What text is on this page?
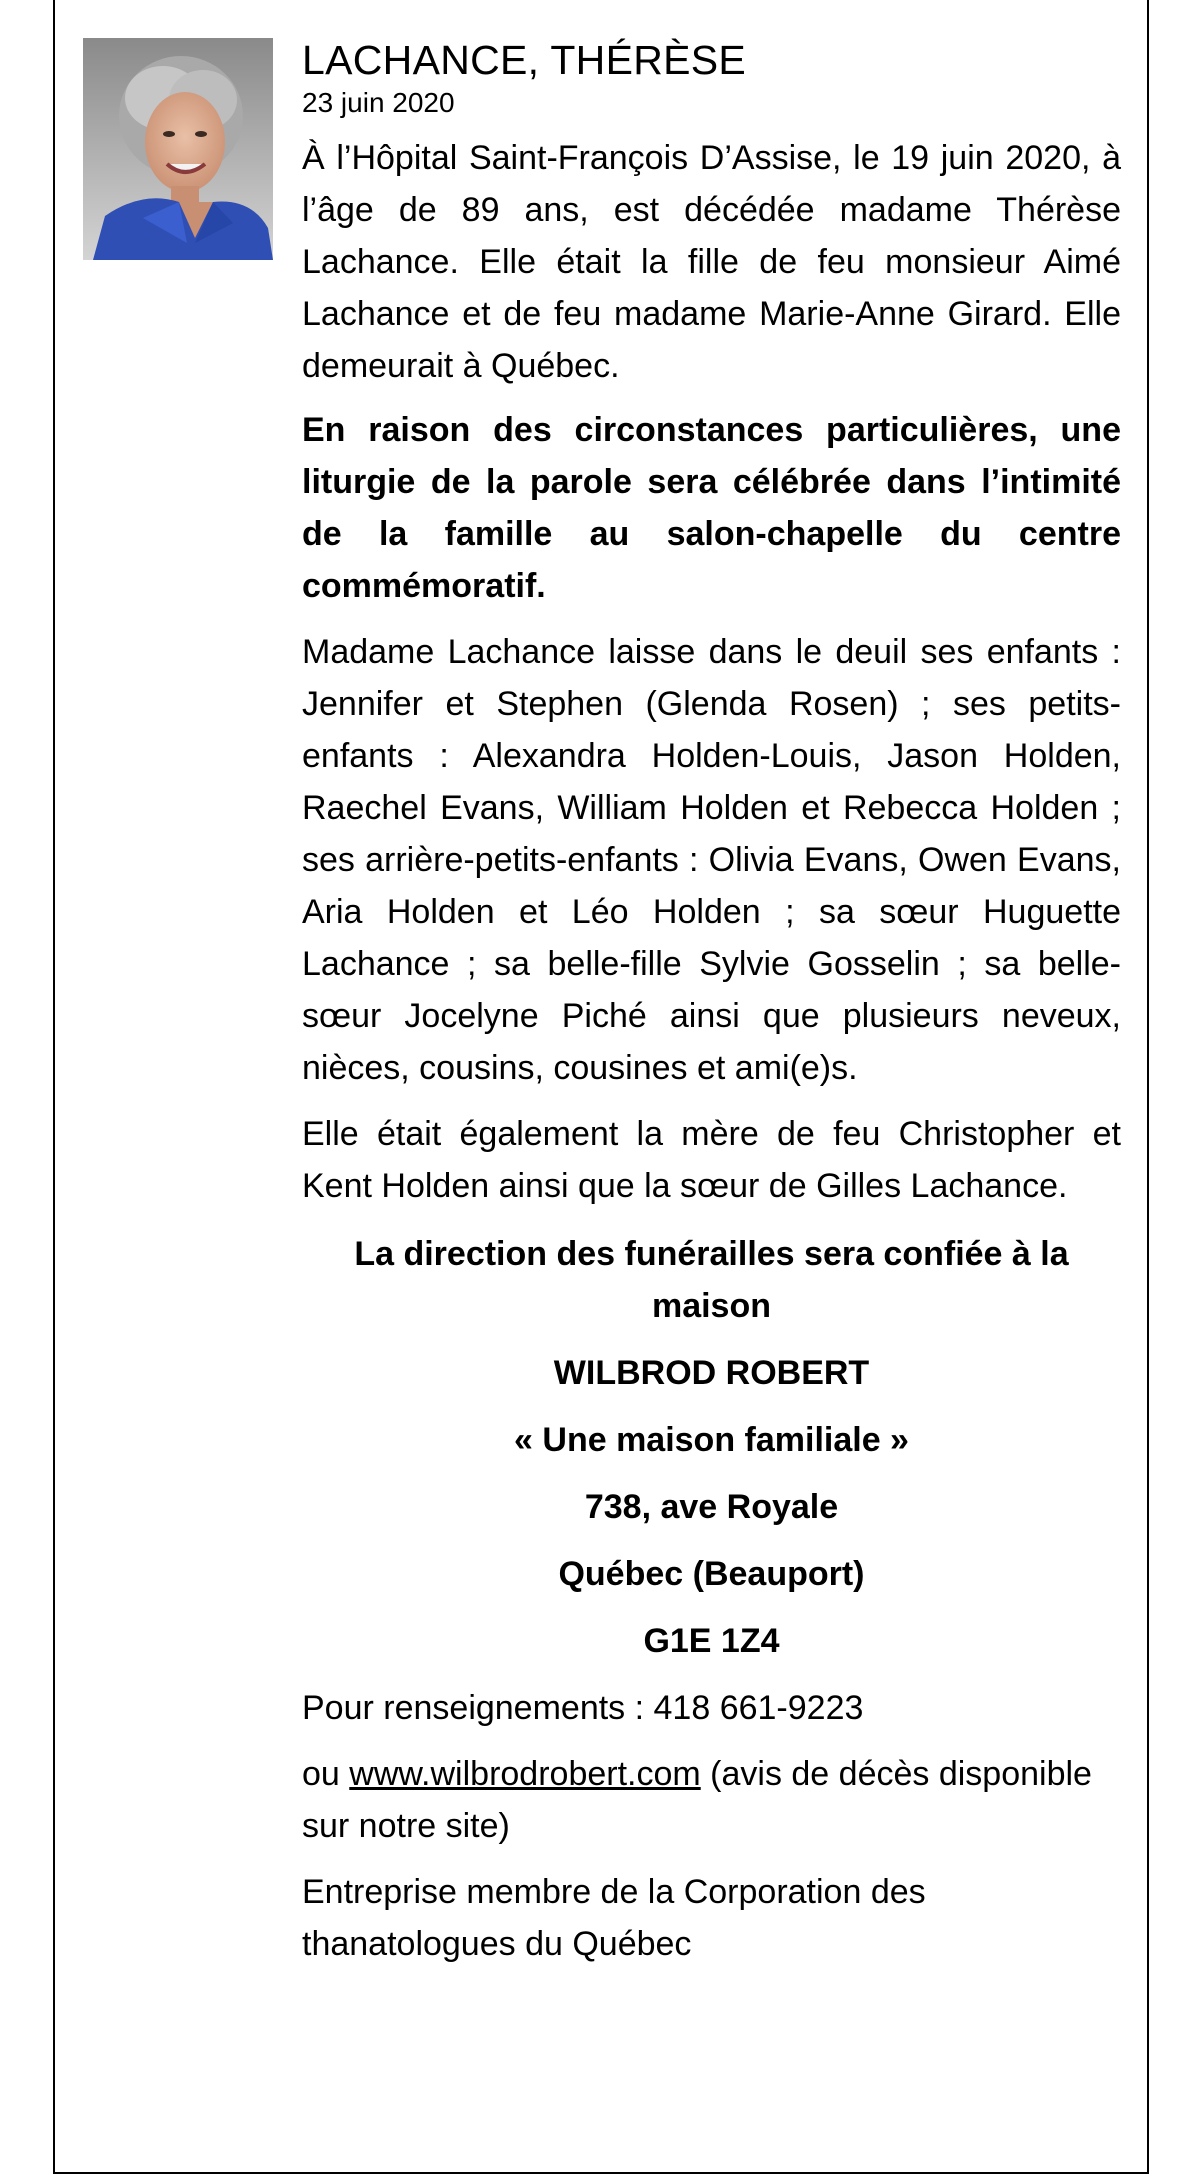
LACHANCE, THÉRÈSE
23 juin 2020

À l’Hôpital Saint-François D’Assise, le 19 juin 2020, à l’âge de 89 ans, est décédée madame Thérèse Lachance. Elle était la fille de feu monsieur Aimé Lachance et de feu madame Marie-Anne Girard. Elle demeurait à Québec.

En raison des circonstances particulières, une liturgie de la parole sera célébrée dans l’intimité de la famille au salon-chapelle du centre commémoratif.

Madame Lachance laisse dans le deuil ses enfants : Jennifer et Stephen (Glenda Rosen) ; ses petits-enfants : Alexandra Holden-Louis, Jason Holden, Raechel Evans, William Holden et Rebecca Holden ; ses arrière-petits-enfants : Olivia Evans, Owen Evans, Aria Holden et Léo Holden ; sa sœur Huguette Lachance ; sa belle-fille Sylvie Gosselin ; sa belle-sœur Jocelyne Piché ainsi que plusieurs neveux, nièces, cousins, cousines et ami(e)s.

Elle était également la mère de feu Christopher et Kent Holden ainsi que la sœur de Gilles Lachance.

La direction des funérailles sera confiée à la maison

WILBROD ROBERT

« Une maison familiale »

738, ave Royale

Québec (Beauport)

G1E 1Z4

Pour renseignements : 418 661-9223

ou www.wilbrodrobert.com (avis de décès disponible sur notre site)

Entreprise membre de la Corporation des thanatologues du Québec
